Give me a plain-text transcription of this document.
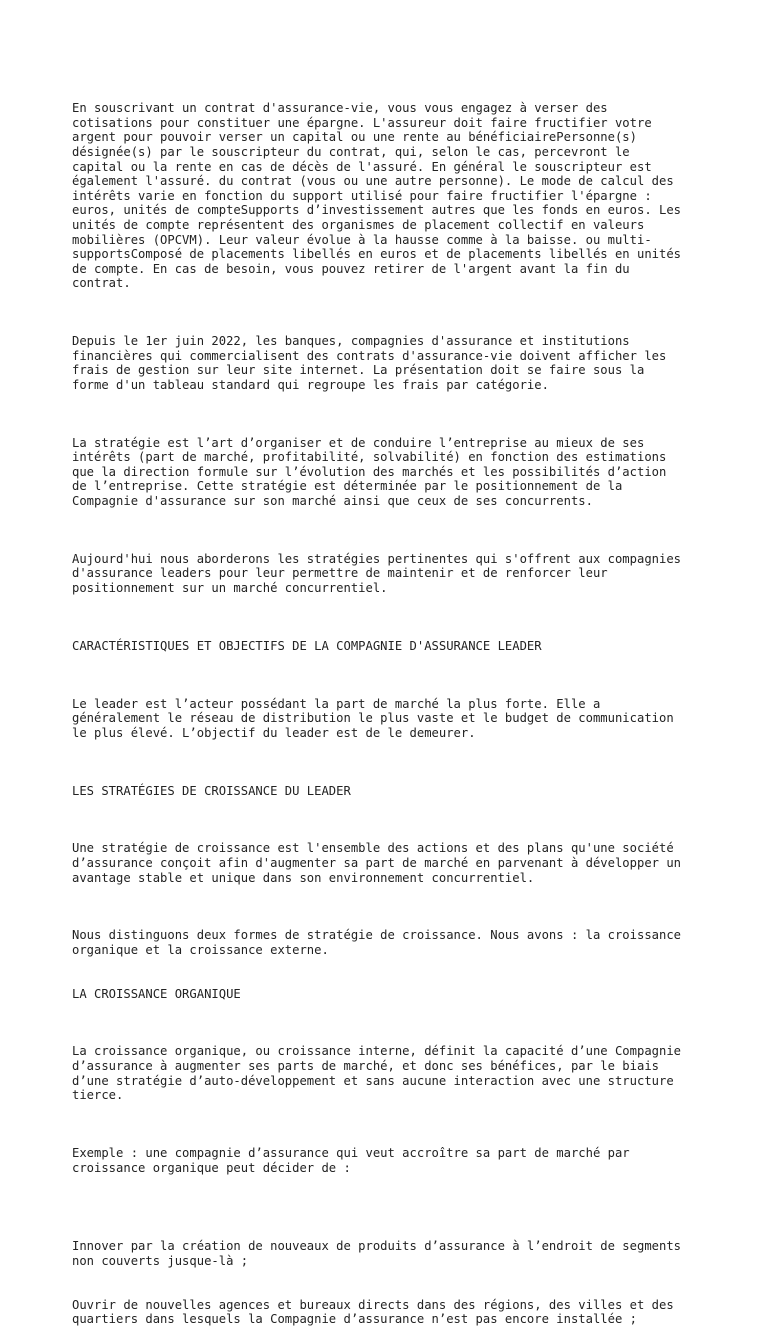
En souscrivant un contrat d'assurance-vie, vous vous engagez à verser des
cotisations pour constituer une épargne. L'assureur doit faire fructifier votre
argent pour pouvoir verser un capital ou une rente au bénéficiairePersonne(s)
désignée(s) par le souscripteur du contrat, qui, selon le cas, percevront le
capital ou la rente en cas de décès de l'assuré. En général le souscripteur est
également l'assuré. du contrat (vous ou une autre personne). Le mode de calcul des
intérêts varie en fonction du support utilisé pour faire fructifier l'épargne :
euros, unités de compteSupports d’investissement autres que les fonds en euros. Les
unités de compte représentent des organismes de placement collectif en valeurs
mobilières (OPCVM). Leur valeur évolue à la hausse comme à la baisse. ou multi-
supportsComposé de placements libellés en euros et de placements libellés en unités
de compte. En cas de besoin, vous pouvez retirer de l'argent avant la fin du
contrat.

Depuis le 1er juin 2022, les banques, compagnies d'assurance et institutions
financières qui commercialisent des contrats d'assurance-vie doivent afficher les
frais de gestion sur leur site internet. La présentation doit se faire sous la
forme d'un tableau standard qui regroupe les frais par catégorie.

La stratégie est l’art d’organiser et de conduire l’entreprise au mieux de ses
intérêts (part de marché, profitabilité, solvabilité) en fonction des estimations
que la direction formule sur l’évolution des marchés et les possibilités d’action
de l’entreprise. Cette stratégie est déterminée par le positionnement de la
Compagnie d'assurance sur son marché ainsi que ceux de ses concurrents.

Aujourd'hui nous aborderons les stratégies pertinentes qui s'offrent aux compagnies
d'assurance leaders pour leur permettre de maintenir et de renforcer leur
positionnement sur un marché concurrentiel.

CARACTÉRISTIQUES ET OBJECTIFS DE LA COMPAGNIE D'ASSURANCE LEADER

Le leader est l’acteur possédant la part de marché la plus forte. Elle a
généralement le réseau de distribution le plus vaste et le budget de communication
le plus élevé. L’objectif du leader est de le demeurer.

LES STRATÉGIES DE CROISSANCE DU LEADER

Une stratégie de croissance est l'ensemble des actions et des plans qu'une société
d’assurance conçoit afin d'augmenter sa part de marché en parvenant à développer un
avantage stable et unique dans son environnement concurrentiel.

Nous distinguons deux formes de stratégie de croissance. Nous avons : la croissance
organique et la croissance externe.

LA CROISSANCE ORGANIQUE

La croissance organique, ou croissance interne, définit la capacité d’une Compagnie
d’assurance à augmenter ses parts de marché, et donc ses bénéfices, par le biais
d’une stratégie d’auto-développement et sans aucune interaction avec une structure
tierce.

Exemple : une compagnie d’assurance qui veut accroître sa part de marché par
croissance organique peut décider de :

Innover par la création de nouveaux de produits d’assurance à l’endroit de segments
non couverts jusque-là ;

Ouvrir de nouvelles agences et bureaux directs dans des régions, des villes et des
quartiers dans lesquels la Compagnie d’assurance n’est pas encore installée ;
